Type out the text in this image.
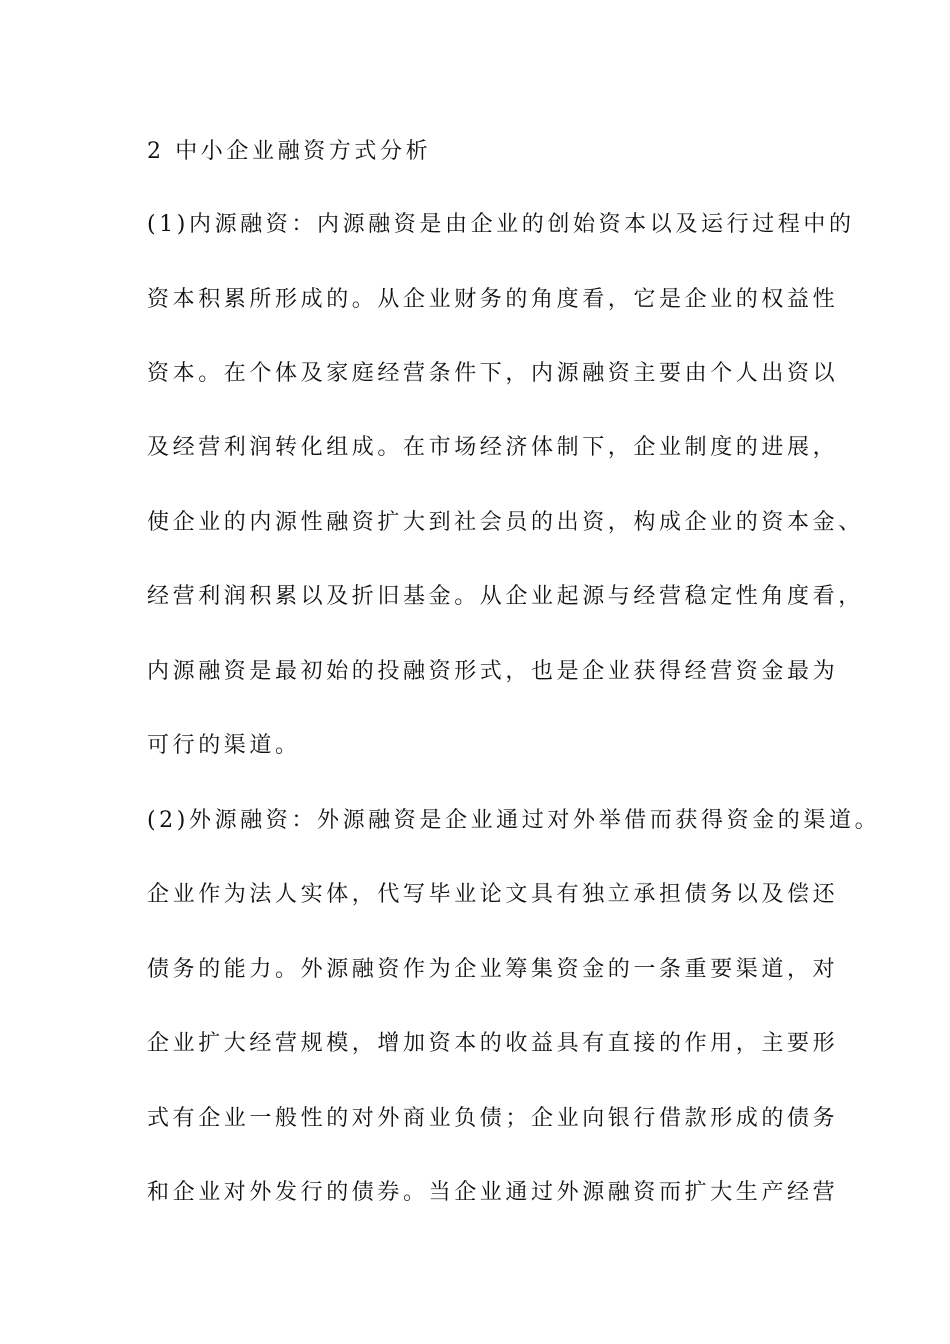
2 中小企业融资方式分析
(1)内源融资：内源融资是由企业的创始资本以及运行过程中的
资本积累所形成的。从企业财务的角度看，它是企业的权益性
资本。在个体及家庭经营条件下，内源融资主要由个人出资以
及经营利润转化组成。在市场经济体制下，企业制度的进展，
使企业的内源性融资扩大到社会员的出资，构成企业的资本金、
经营利润积累以及折旧基金。从企业起源与经营稳定性角度看，
内源融资是最初始的投融资形式，也是企业获得经营资金最为
可行的渠道。
(2)外源融资：外源融资是企业通过对外举借而获得资金的渠道。
企业作为法人实体，代写毕业论文具有独立承担债务以及偿还
债务的能力。外源融资作为企业筹集资金的一条重要渠道，对
企业扩大经营规模，增加资本的收益具有直接的作用，主要形
式有企业一般性的对外商业负债；企业向银行借款形成的债务
和企业对外发行的债券。当企业通过外源融资而扩大生产经营
